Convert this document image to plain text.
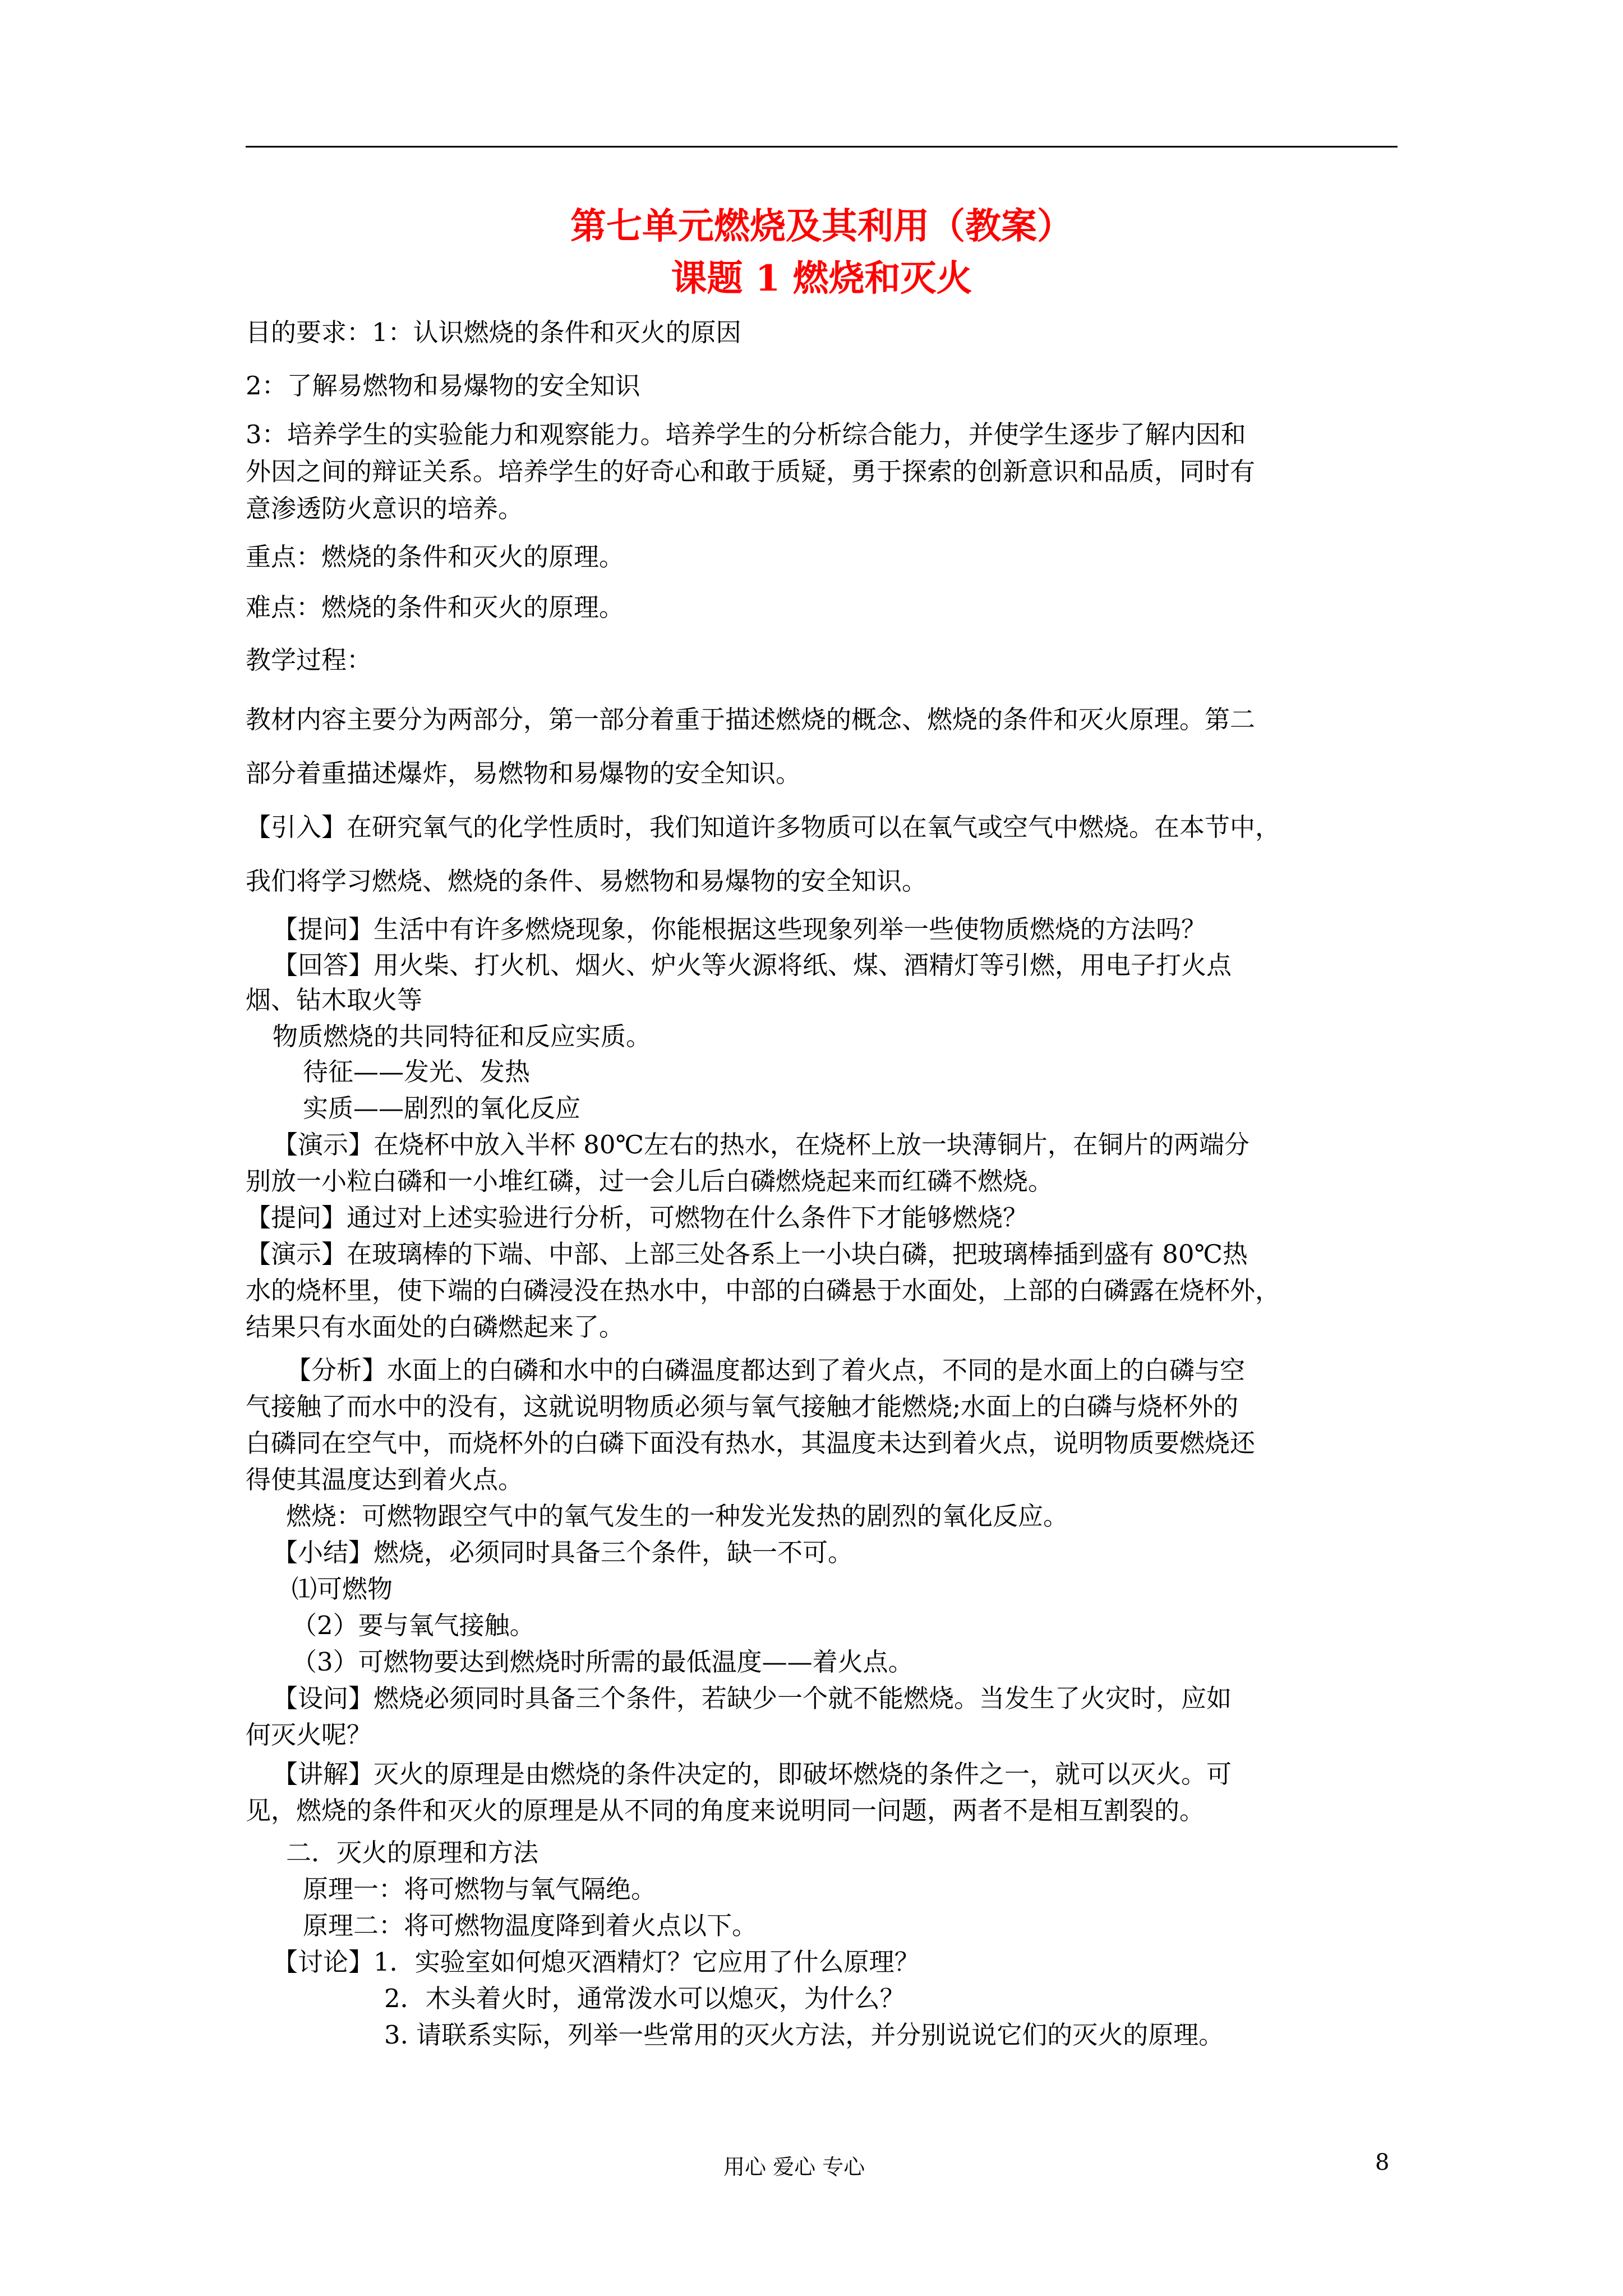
第七单元燃烧及其利用（教案）
课题 1 燃烧和灭火

目的要求：1：认识燃烧的条件和灭火的原因

2：了解易燃物和易爆物的安全知识

3：培养学生的实验能力和观察能力。培养学生的分析综合能力，并使学生逐步了解内因和

外因之间的辩证关系。培养学生的好奇心和敢于质疑，勇于探索的创新意识和品质，同时有

意渗透防火意识的培养。

重点：燃烧的条件和灭火的原理。

难点：燃烧的条件和灭火的原理。

教学过程：

教材内容主要分为两部分，第一部分着重于描述燃烧的概念、燃烧的条件和灭火原理。第二

部分着重描述爆炸，易燃物和易爆物的安全知识。

【引入】在研究氧气的化学性质时，我们知道许多物质可以在氧气或空气中燃烧。在本节中，

我们将学习燃烧、燃烧的条件、易燃物和易爆物的安全知识。

【提问】生活中有许多燃烧现象，你能根据这些现象列举一些使物质燃烧的方法吗？

【回答】用火柴、打火机、烟火、炉火等火源将纸、煤、酒精灯等引燃，用电子打火点

烟、钻木取火等

物质燃烧的共同特征和反应实质。

待征——发光、发热

实质——剧烈的氧化反应

【演示】在烧杯中放入半杯 80℃左右的热水，在烧杯上放一块薄铜片，在铜片的两端分

别放一小粒白磷和一小堆红磷，过一会儿后白磷燃烧起来而红磷不燃烧。

【提问】通过对上述实验进行分析，可燃物在什么条件下才能够燃烧？

【演示】在玻璃棒的下端、中部、上部三处各系上一小块白磷，把玻璃棒插到盛有 80℃热

水的烧杯里，使下端的白磷浸没在热水中，中部的白磷悬于水面处，上部的白磷露在烧杯外，

结果只有水面处的白磷燃起来了。

【分析】水面上的白磷和水中的白磷温度都达到了着火点，不同的是水面上的白磷与空

气接触了而水中的没有，这就说明物质必须与氧气接触才能燃烧;水面上的白磷与烧杯外的

白磷同在空气中，而烧杯外的白磷下面没有热水，其温度未达到着火点，说明物质要燃烧还

得使其温度达到着火点。

燃烧：可燃物跟空气中的氧气发生的一种发光发热的剧烈的氧化反应。

【小结】燃烧，必须同时具备三个条件，缺一不可。

⑴可燃物

（2）要与氧气接触。

（3）可燃物要达到燃烧时所需的最低温度——着火点。

【设问】燃烧必须同时具备三个条件，若缺少一个就不能燃烧。当发生了火灾时，应如

何灭火呢？

【讲解】灭火的原理是由燃烧的条件决定的，即破坏燃烧的条件之一，就可以灭火。可

见，燃烧的条件和灭火的原理是从不同的角度来说明同一问题，两者不是相互割裂的。

二．灭火的原理和方法

原理一：将可燃物与氧气隔绝。

原理二：将可燃物温度降到着火点以下。

【讨论】1．实验室如何熄灭酒精灯？它应用了什么原理？

2．木头着火时，通常泼水可以熄灭，为什么？

3. 请联系实际，列举一些常用的灭火方法，并分别说说它们的灭火的原理。

用心 爱心 专心	8
